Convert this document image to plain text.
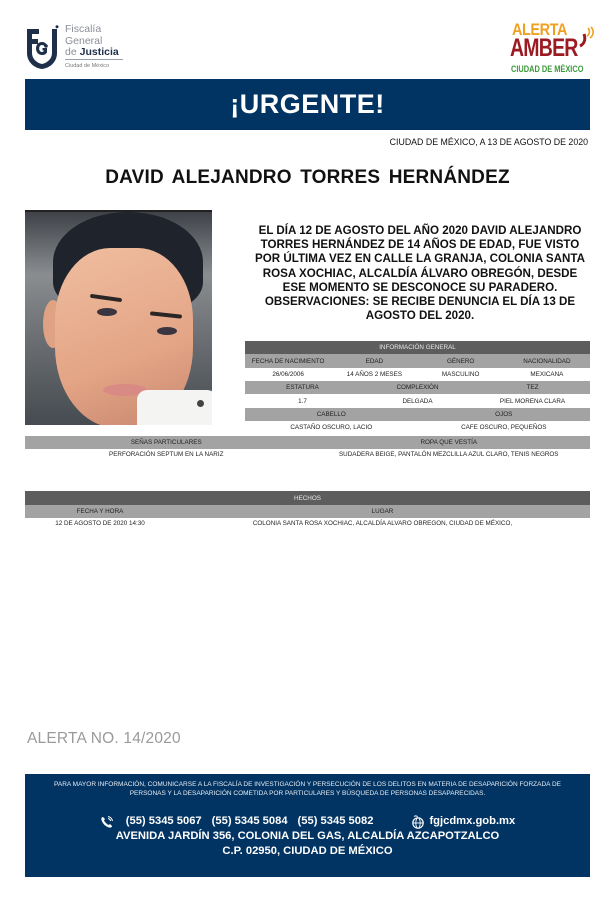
Fiscalía
General
de Justicia
Ciudad de México
ALERTA
AMBER
CIUDAD DE MÉXICO
¡URGENTE!
CIUDAD DE MÉXICO, A 13 DE AGOSTO DE 2020
DAVID ALEJANDRO TORRES HERNÁNDEZ
EL DÍA 12 DE AGOSTO DEL AÑO 2020 DAVID ALEJANDRO TORRES HERNÁNDEZ DE 14 AÑOS DE EDAD, FUE VISTO POR ÚLTIMA VEZ EN CALLE LA GRANJA, COLONIA SANTA ROSA XOCHIAC, ALCALDÍA ÁLVARO OBREGÓN, DESDE ESE MOMENTO SE DESCONOCE SU PARADERO. OBSERVACIONES: SE RECIBE DENUNCIA EL DÍA 13 DE AGOSTO DEL 2020.
INFORMACIÓN GENERAL
FECHA DE NACIMIENTO	EDAD	GÉNERO	NACIONALIDAD
26/06/2006	14 AÑOS 2 MESES	MASCULINO	MEXICANA
ESTATURA	COMPLEXIÓN	TEZ
1.7	DELGADA	PIEL MORENA CLARA
CABELLO	OJOS
CASTAÑO OSCURO, LACIO	CAFE OSCURO, PEQUEÑOS
SEÑAS PARTICULARES	ROPA QUE VESTÍA
PERFORACIÓN SEPTUM EN LA NARIZ	SUDADERA BEIGE, PANTALÓN MEZCLILLA AZUL CLARO, TENIS NEGROS
HECHOS
FECHA Y HORA	LUGAR
12 DE AGOSTO DE 2020 14:30	COLONIA SANTA ROSA XOCHIAC, ALCALDÍA ALVARO OBREGON, CIUDAD DE MÉXICO,
ALERTA NO. 14/2020
PARA MAYOR INFORMACIÓN, COMUNICARSE A LA FISCALÍA DE INVESTIGACIÓN Y PERSECUCIÓN DE LOS DELITOS EN MATERIA DE DESAPARICIÓN FORZADA DE PERSONAS Y LA DESAPARICIÓN COMETIDA POR PARTICULARES Y BÚSQUEDA DE PERSONAS DESAPARECIDAS.
(55) 5345 5067 (55) 5345 5084 (55) 5345 5082	fgjcdmx.gob.mx
AVENIDA JARDÍN 356, COLONIA DEL GAS, ALCALDÍA AZCAPOTZALCO
C.P. 02950, CIUDAD DE MÉXICO
